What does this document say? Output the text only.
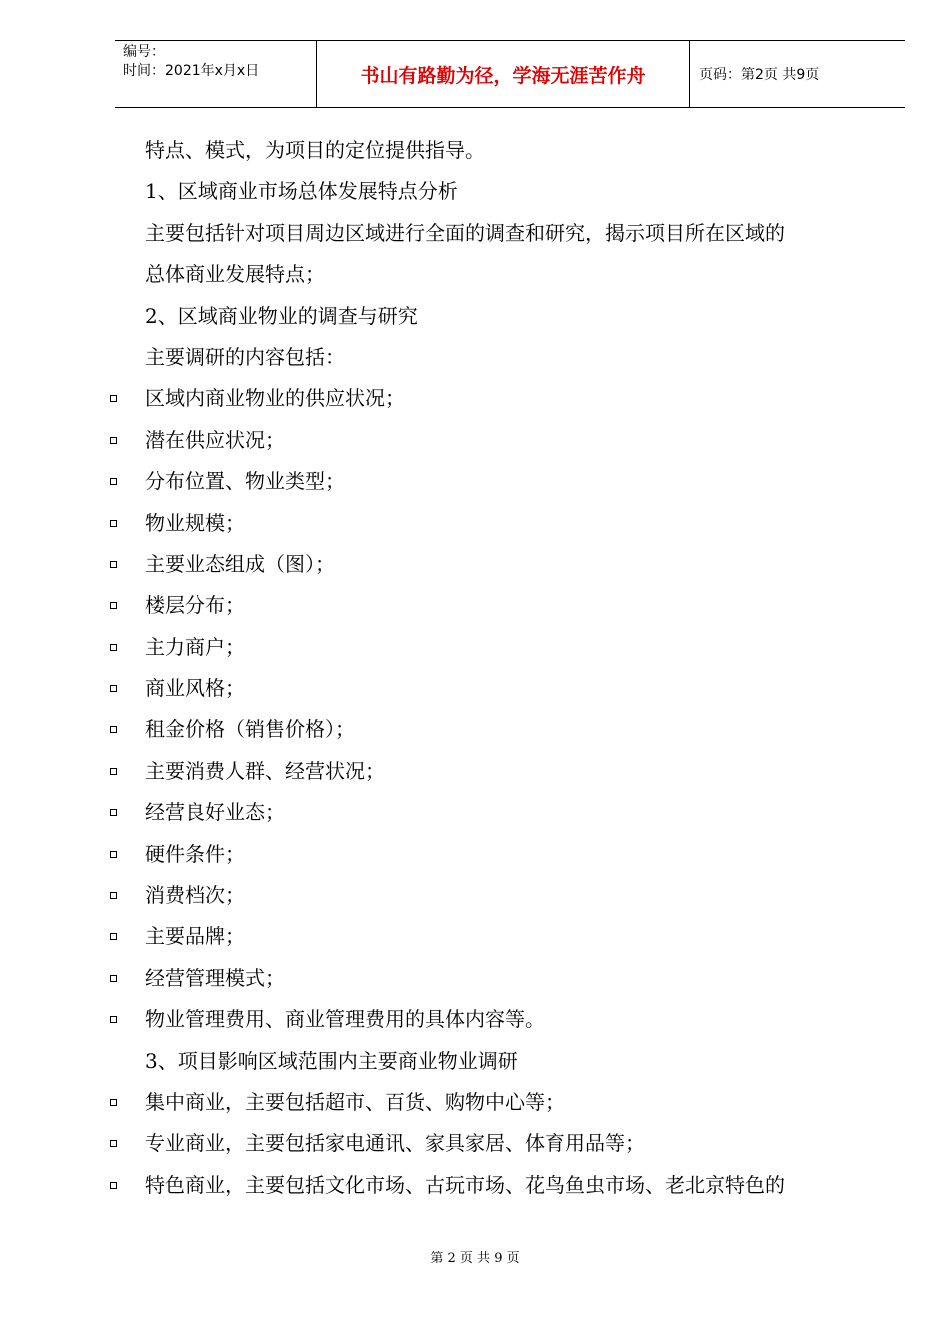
编号：
时间：2021年x月x日	书山有路勤为径，学海无涯苦作舟	页码：第2页 共9页
特点、模式，为项目的定位提供指导。
1、区域商业市场总体发展特点分析
主要包括针对项目周边区域进行全面的调查和研究，揭示项目所在区域的
总体商业发展特点；
2、区域商业物业的调查与研究
主要调研的内容包括：
区域内商业物业的供应状况；
潜在供应状况；
分布位置、物业类型；
物业规模；
主要业态组成（图）；
楼层分布；
主力商户；
商业风格；
租金价格（销售价格）；
主要消费人群、经营状况；
经营良好业态；
硬件条件；
消费档次；
主要品牌；
经营管理模式；
物业管理费用、商业管理费用的具体内容等。
3、项目影响区域范围内主要商业物业调研
集中商业，主要包括超市、百货、购物中心等；
专业商业，主要包括家电通讯、家具家居、体育用品等；
特色商业，主要包括文化市场、古玩市场、花鸟鱼虫市场、老北京特色的
第 2 页 共 9 页
